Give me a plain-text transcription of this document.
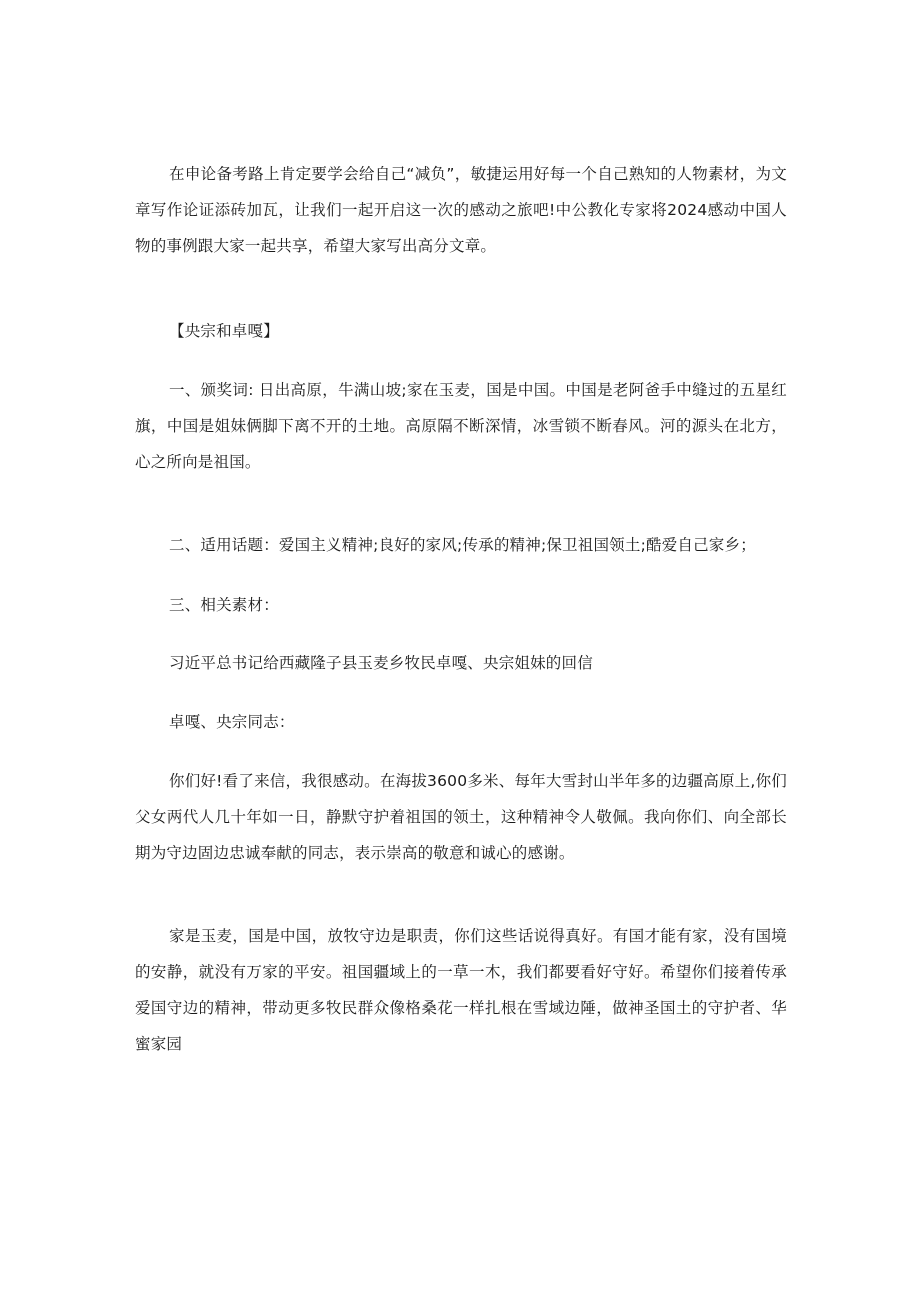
在申论备考路上肯定要学会给自己“减负”，敏捷运用好每一个自己熟知的人物素材，为文章写作论证添砖加瓦，让我们一起开启这一次的感动之旅吧!中公教化专家将2024感动中国人物的事例跟大家一起共享，希望大家写出高分文章。

【央宗和卓嘎】

一、颁奖词: 日出高原，牛满山坡;家在玉麦，国是中国。中国是老阿爸手中缝过的五星红旗，中国是姐妹俩脚下离不开的土地。高原隔不断深情，冰雪锁不断春风。河的源头在北方，心之所向是祖国。

二、适用话题：爱国主义精神;良好的家风;传承的精神;保卫祖国领土;酷爱自己家乡；

三、相关素材：

习近平总书记给西藏隆子县玉麦乡牧民卓嘎、央宗姐妹的回信

卓嘎、央宗同志：

你们好!看了来信，我很感动。在海拔3600多米、每年大雪封山半年多的边疆高原上,你们父女两代人几十年如一日，静默守护着祖国的领土，这种精神令人敬佩。我向你们、向全部长期为守边固边忠诚奉献的同志，表示崇高的敬意和诚心的感谢。

家是玉麦，国是中国，放牧守边是职责，你们这些话说得真好。有国才能有家，没有国境的安静，就没有万家的平安。祖国疆域上的一草一木，我们都要看好守好。希望你们接着传承爱国守边的精神，带动更多牧民群众像格桑花一样扎根在雪域边陲，做神圣国土的守护者、华蜜家园
